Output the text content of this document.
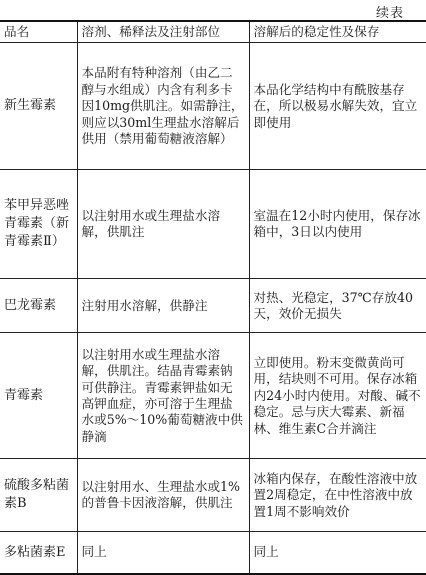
续表
品名	溶剂、稀释法及注射部位	溶解后的稳定性及保存
新生霉素	本品附有特种溶剂（由乙二醇与水组成）内含有利多卡因10mg供肌注。如需静注，则应以30ml生理盐水溶解后供用（禁用葡萄糖液溶解）	本品化学结构中有酰胺基存在，所以极易水解失效，宜立即使用
苯甲异恶唑青霉素（新青霉素Ⅱ）	以注射用水或生理盐水溶解，供肌注	室温在12小时内使用，保存冰箱中，3日以内使用
巴龙霉素	注射用水溶解，供静注	对热、光稳定，37℃存放40天，效价无损失
青霉素	以注射用水或生理盐水溶解，供肌注。结晶青霉素钠可供静注。青霉素钾盐如无高钾血症，亦可溶于生理盐水或5%～10%葡萄糖液中供静滴	立即使用。粉末变微黄尚可用，结块则不可用。保存冰箱内24小时内使用。对酸、碱不稳定。忌与庆大霉素、新福林、维生素C合并滴注
硫酸多粘菌素B	以注射用水、生理盐水或1%的普鲁卡因液溶解，供肌注	冰箱内保存，在酸性溶液中放置2周稳定，在中性溶液中放置1周不影响效价
多粘菌素E	同上	同上
